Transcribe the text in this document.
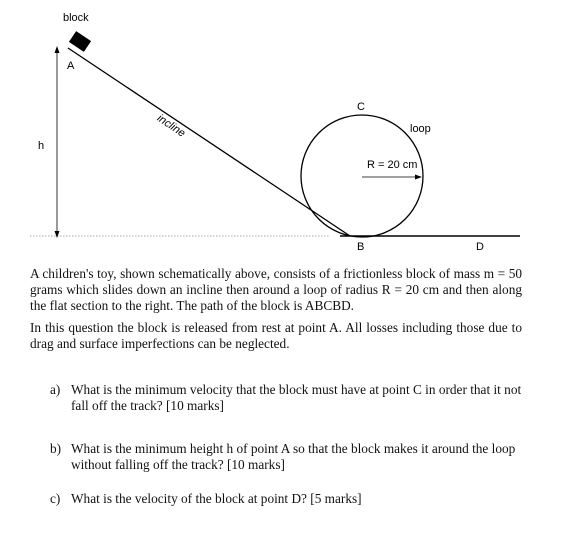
block
A
h
incline
C
loop
R = 20 cm
B	D

A children's toy, shown schematically above, consists of a frictionless block of mass m = 50 grams which slides down an incline then around a loop of radius R = 20 cm and then along the flat section to the right. The path of the block is ABCBD.

In this question the block is released from rest at point A. All losses including those due to drag and surface imperfections can be neglected.

a) What is the minimum velocity that the block must have at point C in order that it not fall off the track? [10 marks]
b) What is the minimum height h of point A so that the block makes it around the loop without falling off the track? [10 marks]
c) What is the velocity of the block at point D? [5 marks]
